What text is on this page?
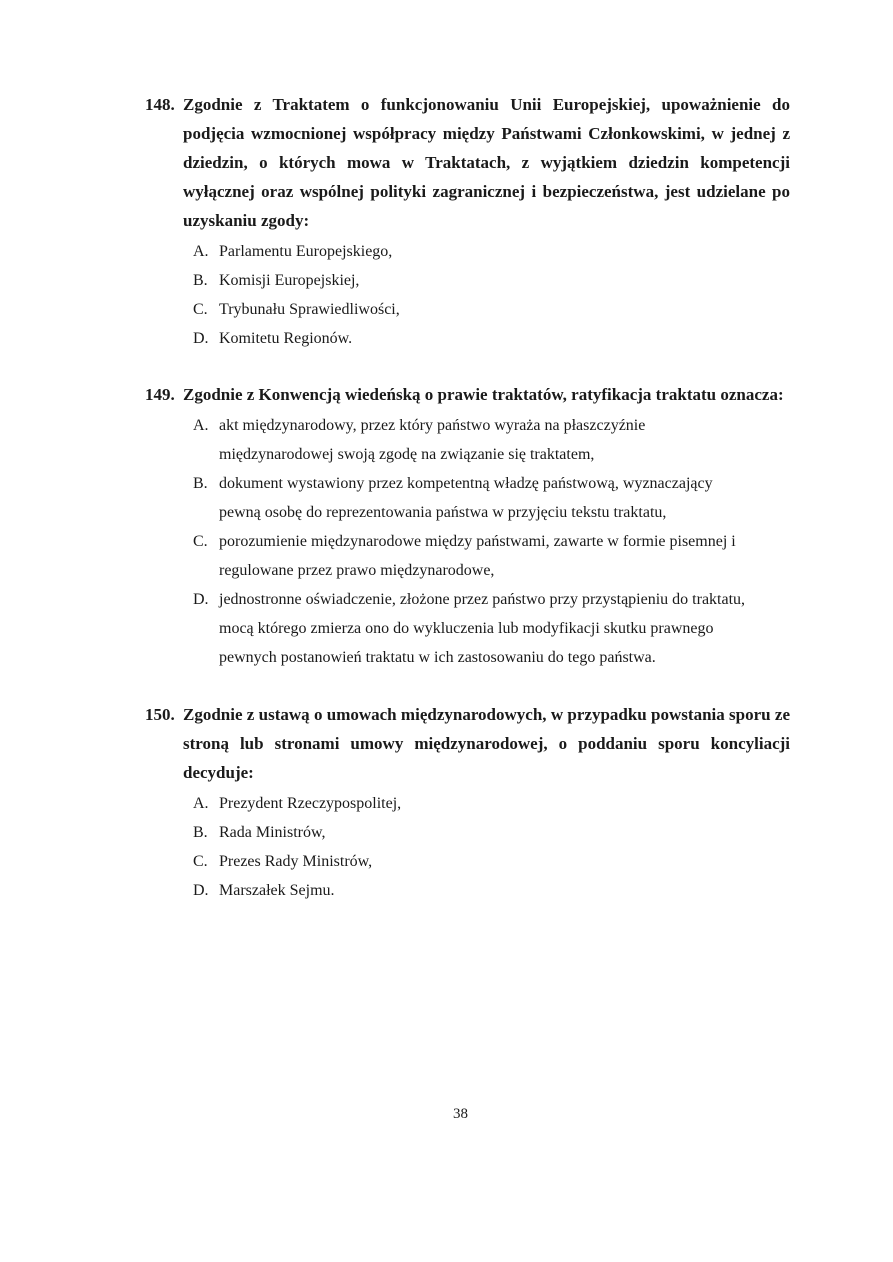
148. Zgodnie z Traktatem o funkcjonowaniu Unii Europejskiej, upoważnienie do podjęcia wzmocnionej współpracy między Państwami Członkowskimi, w jednej z dziedzin, o których mowa w Traktatach, z wyjątkiem dziedzin kompetencji wyłącznej oraz wspólnej polityki zagranicznej i bezpieczeństwa, jest udzielane po uzyskaniu zgody:
A. Parlamentu Europejskiego,
B. Komisji Europejskiej,
C. Trybunału Sprawiedliwości,
D. Komitetu Regionów.
149. Zgodnie z Konwencją wiedeńską o prawie traktatów, ratyfikacja traktatu oznacza:
A. akt międzynarodowy, przez który państwo wyraża na płaszczyźnie międzynarodowej swoją zgodę na związanie się traktatem,
B. dokument wystawiony przez kompetentną władzę państwową, wyznaczający pewną osobę do reprezentowania państwa w przyjęciu tekstu traktatu,
C. porozumienie międzynarodowe między państwami, zawarte w formie pisemnej i regulowane przez prawo międzynarodowe,
D. jednostronne oświadczenie, złożone przez państwo przy przystąpieniu do traktatu, mocą którego zmierza ono do wykluczenia lub modyfikacji skutku prawnego pewnych postanowień traktatu w ich zastosowaniu do tego państwa.
150. Zgodnie z ustawą o umowach międzynarodowych, w przypadku powstania sporu ze stroną lub stronami umowy międzynarodowej, o poddaniu sporu koncyliacji decyduje:
A. Prezydent Rzeczypospolitej,
B. Rada Ministrów,
C. Prezes Rady Ministrów,
D. Marszałek Sejmu.
38
